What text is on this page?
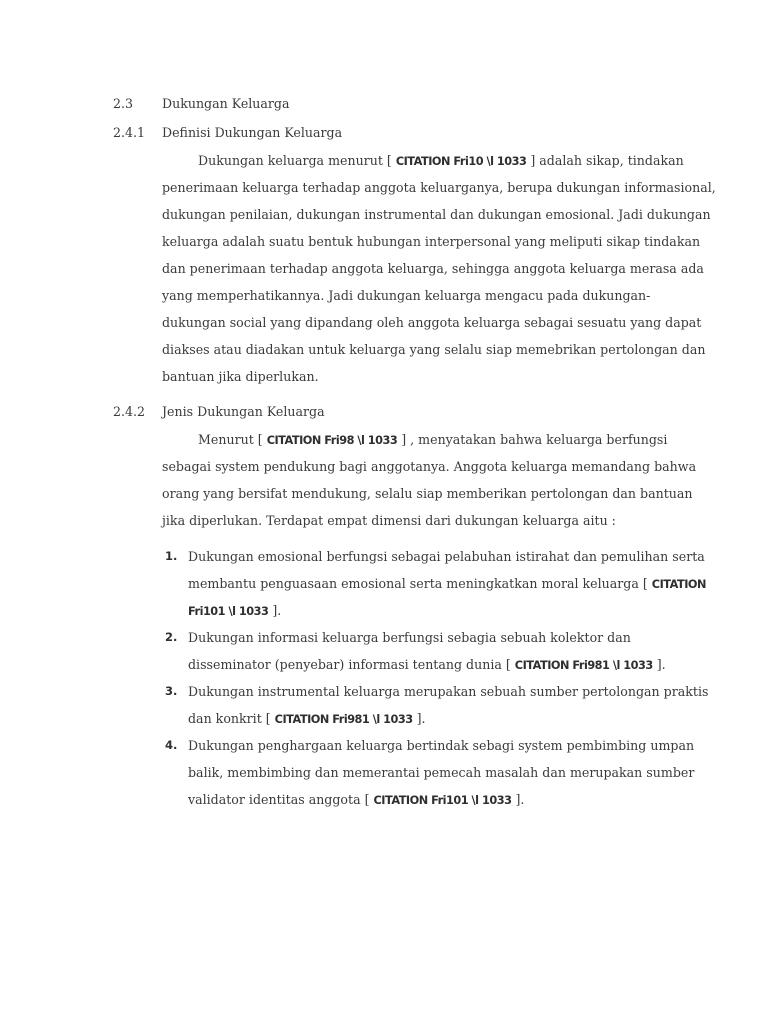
2.3 Dukungan Keluarga
2.4.1 Definisi Dukungan Keluarga
Dukungan keluarga menurut [ CITATION Fri10 \l 1033 ] adalah sikap, tindakan
penerimaan keluarga terhadap anggota keluarganya, berupa dukungan informasional,
dukungan penilaian, dukungan instrumental dan dukungan emosional. Jadi dukungan
keluarga adalah suatu bentuk hubungan interpersonal yang meliputi sikap tindakan
dan penerimaan terhadap anggota keluarga, sehingga anggota keluarga merasa ada
yang memperhatikannya. Jadi dukungan keluarga mengacu pada dukungan-
dukungan social yang dipandang oleh anggota keluarga sebagai sesuatu yang dapat
diakses atau diadakan untuk keluarga yang selalu siap memebrikan pertolongan dan
bantuan jika diperlukan.
2.4.2 Jenis Dukungan Keluarga
Menurut [ CITATION Fri98 \l 1033 ] , menyatakan bahwa keluarga berfungsi
sebagai system pendukung bagi anggotanya. Anggota keluarga memandang bahwa
orang yang bersifat mendukung, selalu siap memberikan pertolongan dan bantuan
jika diperlukan. Terdapat empat dimensi dari dukungan keluarga aitu :
1. Dukungan emosional berfungsi sebagai pelabuhan istirahat dan pemulihan serta
membantu penguasaan emosional serta meningkatkan moral keluarga [ CITATION
Fri101 \l 1033 ].
2. Dukungan informasi keluarga berfungsi sebagia sebuah kolektor dan
disseminator (penyebar) informasi tentang dunia [ CITATION Fri981 \l 1033 ].
3. Dukungan instrumental keluarga merupakan sebuah sumber pertolongan praktis
dan konkrit [ CITATION Fri981 \l 1033 ].
4. Dukungan penghargaan keluarga bertindak sebagi system pembimbing umpan
balik, membimbing dan memerantai pemecah masalah dan merupakan sumber
validator identitas anggota [ CITATION Fri101 \l 1033 ].
